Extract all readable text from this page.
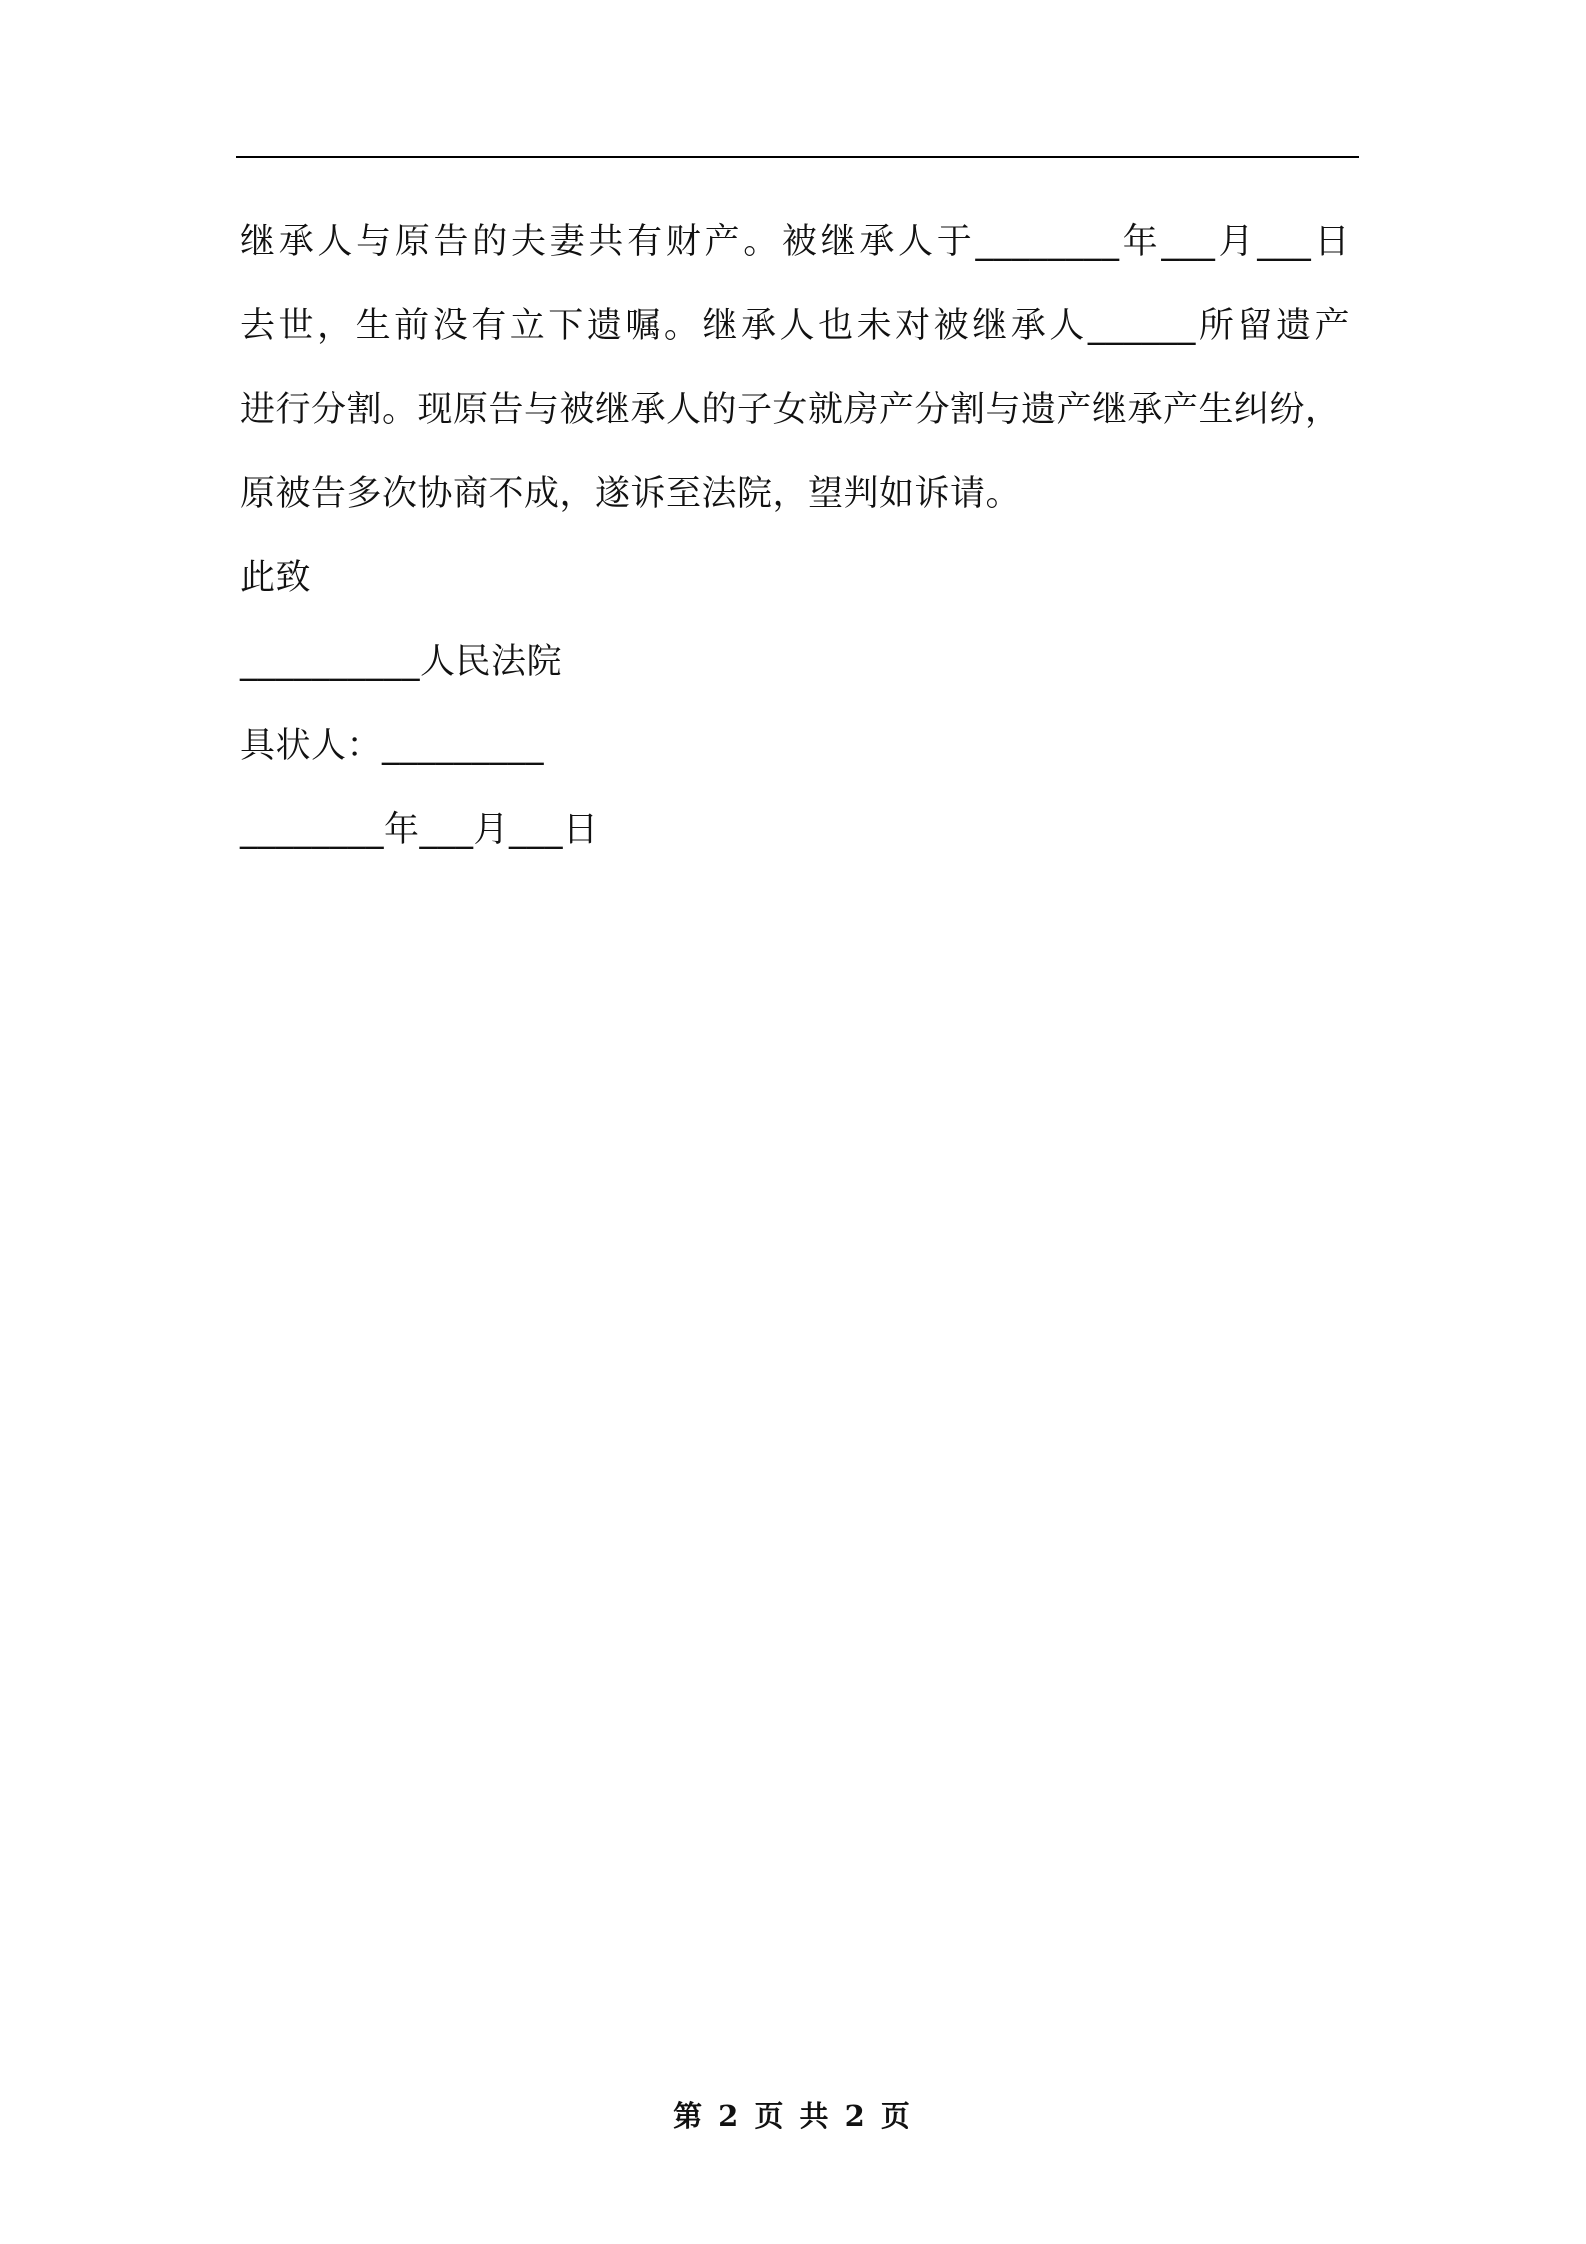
继承人与原告的夫妻共有财产。被继承人于________年___月___日
去世，生前没有立下遗嘱。继承人也未对被继承人______所留遗产
进行分割。现原告与被继承人的子女就房产分割与遗产继承产生纠纷，
原被告多次协商不成，遂诉至法院，望判如诉请。
此致
__________人民法院
具状人：_________
________年___月___日
第 2 页 共 2 页
